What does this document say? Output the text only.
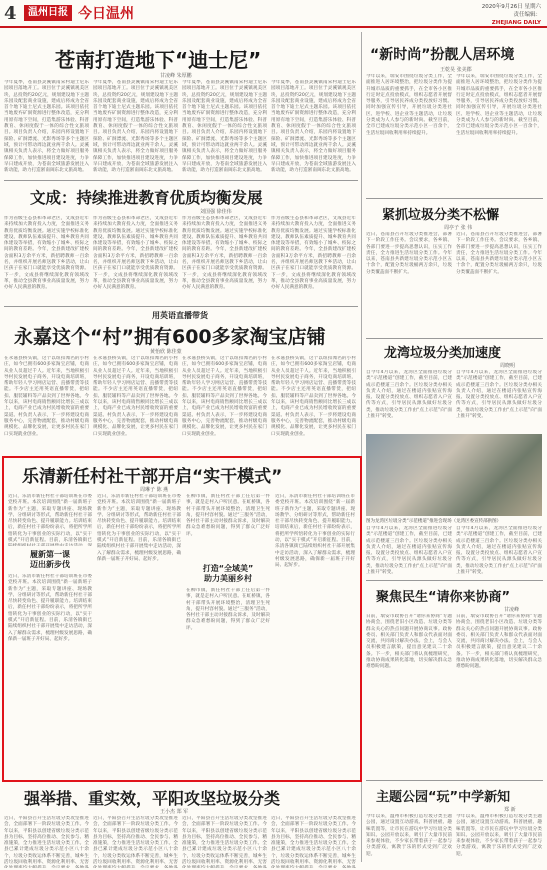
4	温州日报 今日温州	2020年9月26日 星期六
责任编辑：
ZHEJIANG DAILY
苍南打造地下“迪士尼”
甘凌峰 朱厚鹏
今年夏季，苍南县灵溪镇南宋村迪士尼乐园项目落地开工。项目位于灵溪镇观美区块，总投资约20亿元，规划建设地下主题乐园及配套商业设施，建成后将成为全省首个地下迪士尼式主题乐园。该项目依托当地废弃矿洞资源进行整体改造，充分利用原有地下空间，打造集游乐体验、科普教育、休闲度假于一体的综合性文旅项目。项目负责人介绍，乐园内将设置地下探险、矿洞漂流、光影秀场等多个主题区域，预计可带动周边就业两千余人。灵溪镇相关负责人表示，将全力做好项目服务保障工作，加快推进项目建设进度，力争早日建成开放，为苍南全域旅游发展注入新动能，助力打造浙南闽东北文旅高地。
今年夏季，苍南县灵溪镇南宋村迪士尼乐园项目落地开工。项目位于灵溪镇观美区块，总投资约20亿元，规划建设地下主题乐园及配套商业设施，建成后将成为全省首个地下迪士尼式主题乐园。该项目依托当地废弃矿洞资源进行整体改造，充分利用原有地下空间，打造集游乐体验、科普教育、休闲度假于一体的综合性文旅项目。项目负责人介绍，乐园内将设置地下探险、矿洞漂流、光影秀场等多个主题区域，预计可带动周边就业两千余人。灵溪镇相关负责人表示，将全力做好项目服务保障工作，加快推进项目建设进度，力争早日建成开放，为苍南全域旅游发展注入新动能，助力打造浙南闽东北文旅高地。
今年夏季，苍南县灵溪镇南宋村迪士尼乐园项目落地开工。项目位于灵溪镇观美区块，总投资约20亿元，规划建设地下主题乐园及配套商业设施，建成后将成为全省首个地下迪士尼式主题乐园。该项目依托当地废弃矿洞资源进行整体改造，充分利用原有地下空间，打造集游乐体验、科普教育、休闲度假于一体的综合性文旅项目。项目负责人介绍，乐园内将设置地下探险、矿洞漂流、光影秀场等多个主题区域，预计可带动周边就业两千余人。灵溪镇相关负责人表示，将全力做好项目服务保障工作，加快推进项目建设进度，力争早日建成开放，为苍南全域旅游发展注入新动能，助力打造浙南闽东北文旅高地。
今年夏季，苍南县灵溪镇南宋村迪士尼乐园项目落地开工。项目位于灵溪镇观美区块，总投资约20亿元，规划建设地下主题乐园及配套商业设施，建成后将成为全省首个地下迪士尼式主题乐园。该项目依托当地废弃矿洞资源进行整体改造，充分利用原有地下空间，打造集游乐体验、科普教育、休闲度假于一体的综合性文旅项目。项目负责人介绍，乐园内将设置地下探险、矿洞漂流、光影秀场等多个主题区域，预计可带动周边就业两千余人。灵溪镇相关负责人表示，将全力做好项目服务保障工作，加快推进项目建设进度，力争早日建成开放，为苍南全域旅游发展注入新动能，助力打造浙南闽东北文旅高地。
“新时尚”扮靓人居环境
王乾昊 张美郡
今年以来，瑞安市围绕垃圾分类工作，全面推进人居环境整治，把垃圾分类作为提升城市品质的重要抓手，在全市各小区推行定时定点投放模式，组织志愿者开展督导服务，引导居民养成分类投放好习惯。同时加强宣传引导，开展垃圾分类进社区、进学校、进企业等主题活动，让垃圾分类成为人人参与的新时尚。截至目前，全市已建成垃圾分类示范小区一百余个，生活垃圾回收利用率持续提升。
今年以来，瑞安市围绕垃圾分类工作，全面推进人居环境整治，把垃圾分类作为提升城市品质的重要抓手，在全市各小区推行定时定点投放模式，组织志愿者开展督导服务，引导居民养成分类投放好习惯。同时加强宣传引导，开展垃圾分类进社区、进学校、进企业等主题活动，让垃圾分类成为人人参与的新时尚。截至目前，全市已建成垃圾分类示范小区一百余个，生活垃圾回收利用率持续提升。
文成：持续推进教育优质均衡发展
刘国强 徐佳伟
作为省级生态县和革命老区，文成县近年来持续加大教育投入力度，全面推进义务教育优质均衡发展。通过实施学校标准化建设、教师队伍素质提升、城乡教育共同体建设等举措，有效缩小了城乡、校际之间的教育差距。今年，全县新建改扩建校舍面积3万余平方米，新招聘教师一百余名，并组织开展名师送教下乡活动，让山区孩子在家门口就能享受优质教育资源。下一步，文成县将继续深化教育领域改革，推动全县教育事业高质量发展，努力办好人民满意的教育。
作为省级生态县和革命老区，文成县近年来持续加大教育投入力度，全面推进义务教育优质均衡发展。通过实施学校标准化建设、教师队伍素质提升、城乡教育共同体建设等举措，有效缩小了城乡、校际之间的教育差距。今年，全县新建改扩建校舍面积3万余平方米，新招聘教师一百余名，并组织开展名师送教下乡活动，让山区孩子在家门口就能享受优质教育资源。下一步，文成县将继续深化教育领域改革，推动全县教育事业高质量发展，努力办好人民满意的教育。
作为省级生态县和革命老区，文成县近年来持续加大教育投入力度，全面推进义务教育优质均衡发展。通过实施学校标准化建设、教师队伍素质提升、城乡教育共同体建设等举措，有效缩小了城乡、校际之间的教育差距。今年，全县新建改扩建校舍面积3万余平方米，新招聘教师一百余名，并组织开展名师送教下乡活动，让山区孩子在家门口就能享受优质教育资源。下一步，文成县将继续深化教育领域改革，推动全县教育事业高质量发展，努力办好人民满意的教育。
作为省级生态县和革命老区，文成县近年来持续加大教育投入力度，全面推进义务教育优质均衡发展。通过实施学校标准化建设、教师队伍素质提升、城乡教育共同体建设等举措，有效缩小了城乡、校际之间的教育差距。今年，全县新建改扩建校舍面积3万余平方米，新招聘教师一百余名，并组织开展名师送教下乡活动，让山区孩子在家门口就能享受优质教育资源。下一步，文成县将继续深化教育领域改革，推动全县教育事业高质量发展，努力办好人民满意的教育。
紧抓垃圾分类不松懈
周亭子 张 伟
近日，苍南县召开垃圾分类推进会，部署下一阶段工作任务。会议要求，各乡镇、各部门要进一步提高思想认识，压实工作责任，全力推进生活垃圾分类工作。今年以来，苍南县共新建垃圾分类示范小区五十余个，配置分类垃圾桶两万余只，垃圾分类覆盖面不断扩大。
近日，苍南县召开垃圾分类推进会，部署下一阶段工作任务。会议要求，各乡镇、各部门要进一步提高思想认识，压实工作责任，全力推进生活垃圾分类工作。今年以来，苍南县共新建垃圾分类示范小区五十余个，配置分类垃圾桶两万余只，垃圾分类覆盖面不断扩大。
用英语直播带货
永嘉这个“村”拥有600多家淘宝店铺
黄怡欣 陈佳蒙
在永嘉县桥头镇，这个以纽扣闻名的小村庄，如今已拥有600多家淘宝店铺，电商从业人员超过千人。近年来，当地积极引导村民发展电子商务，开设电商培训班，帮助年轻人学习网店运营、直播带货等技能。不少店主还用英语直播带货，把纽扣、服装辅料等产品卖到了世界各地。今年以来，该村电商销售额同比增长三成以上，电商产业已成为村民增收致富的重要渠道。村负责人表示，下一步将建设电商服务中心，完善物流配套，推动村级电商规模化、品牌化发展，让更多村民在家门口实现就业创业。
在永嘉县桥头镇，这个以纽扣闻名的小村庄，如今已拥有600多家淘宝店铺，电商从业人员超过千人。近年来，当地积极引导村民发展电子商务，开设电商培训班，帮助年轻人学习网店运营、直播带货等技能。不少店主还用英语直播带货，把纽扣、服装辅料等产品卖到了世界各地。今年以来，该村电商销售额同比增长三成以上，电商产业已成为村民增收致富的重要渠道。村负责人表示，下一步将建设电商服务中心，完善物流配套，推动村级电商规模化、品牌化发展，让更多村民在家门口实现就业创业。
在永嘉县桥头镇，这个以纽扣闻名的小村庄，如今已拥有600多家淘宝店铺，电商从业人员超过千人。近年来，当地积极引导村民发展电子商务，开设电商培训班，帮助年轻人学习网店运营、直播带货等技能。不少店主还用英语直播带货，把纽扣、服装辅料等产品卖到了世界各地。今年以来，该村电商销售额同比增长三成以上，电商产业已成为村民增收致富的重要渠道。村负责人表示，下一步将建设电商服务中心，完善物流配套，推动村级电商规模化、品牌化发展，让更多村民在家门口实现就业创业。
在永嘉县桥头镇，这个以纽扣闻名的小村庄，如今已拥有600多家淘宝店铺，电商从业人员超过千人。近年来，当地积极引导村民发展电子商务，开设电商培训班，帮助年轻人学习网店运营、直播带货等技能。不少店主还用英语直播带货，把纽扣、服装辅料等产品卖到了世界各地。今年以来，该村电商销售额同比增长三成以上，电商产业已成为村民增收致富的重要渠道。村负责人表示，下一步将建设电商服务中心，完善物流配套，推动村级电商规模化、品牌化发展，让更多村民在家门口实现就业创业。
龙湾垃圾分类加速度
周晓明
自今年4月以来，龙湾区全面推进垃圾分类“示范楼道”创建工作，截至目前，已建成示范楼道三百余个。区垃圾分类办相关负责人介绍，通过在楼道内张贴宣传海报、设置分类投放点、组织志愿者入户宣传等方式，引导居民从源头做好垃圾分类，推动垃圾分类工作由“点上示范”向“面上推开”转变。
自今年4月以来，龙湾区全面推进垃圾分类“示范楼道”创建工作，截至目前，已建成示范楼道三百余个。区垃圾分类办相关负责人介绍，通过在楼道内张贴宣传海报、设置分类投放点、组织志愿者入户宣传等方式，引导居民从源头做好垃圾分类，推动垃圾分类工作由“点上示范”向“面上推开”转变。
图为龙湾区垃圾分类“示范楼道”推进会现场（龙湾区委宣传部供图）
自今年4月以来，龙湾区全面推进垃圾分类“示范楼道”创建工作，截至目前，已建成示范楼道三百余个。区垃圾分类办相关负责人介绍，通过在楼道内张贴宣传海报、设置分类投放点、组织志愿者入户宣传等方式，引导居民从源头做好垃圾分类，推动垃圾分类工作由“点上示范”向“面上推开”转变。
自今年4月以来，龙湾区全面推进垃圾分类“示范楼道”创建工作，截至目前，已建成示范楼道三百余个。区垃圾分类办相关负责人介绍，通过在楼道内张贴宣传海报、设置分类投放点、组织志愿者入户宣传等方式，引导居民从源头做好垃圾分类，推动垃圾分类工作由“点上示范”向“面上推开”转变。
乐清新任村社干部开启“实干模式”
周琳子 陈 燕
近日，乐清市新任村社干部培训班在市委党校开班。本次培训围绕“新一届新班子新作为”主题，采取专题讲座、现场教学、分组研讨等形式，帮助新任村社干部尽快转变角色、提升履职能力。培训结束后，新任村社干部纷纷表示，将把所学所悟转化为干事创业的实际行动，以“实干模式”开启新征程。目前，乐清各镇街已
履新第一课
迈出新步伐
近日，乐清市新任村社干部培训班在市委党校开班。本次培训围绕“新一届新班子新作为”主题，采取专题讲座、现场教学、分组研讨等形式，帮助新任村社干部尽快转变角色、提升履职能力。培训结束后，新任村社干部纷纷表示，将把所学所悟转化为干事创业的实际行动，以“实干模式”开启新征程。目前，乐清各镇街已陆续组织村社干部开展集中走访活动，深入了解群众需求，梳理村级发展思路，确保新一届班子开好局、起好步。
近日，乐清市新任村社干部培训班在市委党校开班。本次培训围绕“新一届新班子新作为”主题，采取专题讲座、现场教学、分组研讨等形式，帮助新任村社干部尽快转变角色、提升履职能力。培训结束后，新任村社干部纷纷表示，将把所学所悟转化为干事创业的实际行动，以“实干模式”开启新征程。目前，乐清各镇街已陆续组织村社干部开展集中走访活动，深入了解群众需求，梳理村级发展思路，确保新一届班子开好局、起好步。
在柳市镇，新任村社干部上任后第一件事，就是走村入户听民意。在虹桥镇，各村干部带头开展环境整治，清理卫生死角，提升村容村貌。通过“三服务”活动，各村社干部主动对接群众诉求，及时解决群众急难愁盼问题，得到了群众广泛好评。
打造“全域美”
助力美丽乡村
在柳市镇，新任村社干部上任后第一件事，就是走村入户听民意。在虹桥镇，各村干部带头开展环境整治，清理卫生死角，提升村容村貌。通过“三服务”活动，各村社干部主动对接群众诉求，及时解决群众急难愁盼问题，得到了群众广泛好评。
近日，乐清市新任村社干部培训班在市委党校开班。本次培训围绕“新一届新班子新作为”主题，采取专题讲座、现场教学、分组研讨等形式，帮助新任村社干部尽快转变角色、提升履职能力。培训结束后，新任村社干部纷纷表示，将把所学所悟转化为干事创业的实际行动，以“实干模式”开启新征程。目前，乐清各镇街已陆续组织村社干部开展集中走访活动，深入了解群众需求，梳理村级发展思路，确保新一届班子开好局、起好步。
聚焦民生“请你来协商”
甘凌峰
日前，瑞安市政协召开“请你来协商”专题协商会，围绕老旧小区改造、垃圾分类等群众关心的热点问题开展协商议事。政协委员、相关部门负责人和群众代表面对面交流，共同商讨解决办法。会上，与会人员积极建言献策，提出意见建议二十余条。下一步，相关部门将认真梳理研究，推动协商成果转化落地，切实解决群众急难愁盼问题。
日前，瑞安市政协召开“请你来协商”专题协商会，围绕老旧小区改造、垃圾分类等群众关心的热点问题开展协商议事。政协委员、相关部门负责人和群众代表面对面交流，共同商讨解决办法。会上，与会人员积极建言献策，提出意见建议二十余条。下一步，相关部门将认真梳理研究，推动协商成果转化落地，切实解决群众急难愁盼问题。
强举措、重实效，平阳攻坚垃圾分类
王小杰 郑 军
近日，平阳县召开生活垃圾分类攻坚推进会，全面部署下一阶段垃圾分类工作。今年以来，平阳县以创建省级垃圾分类示范县为目标，坚持高位推动、全民参与、精准施策，全力推进生活垃圾分类工作。全县已累计建成垃圾分类示范小区八十余个，垃圾分类收运体系不断完善，城乡生活垃圾回收利用率、资源化利用率、无害
近日，平阳县召开生活垃圾分类攻坚推进会，全面部署下一阶段垃圾分类工作。今年以来，平阳县以创建省级垃圾分类示范县为目标，坚持高位推动、全民参与、精准施策，全力推进生活垃圾分类工作。全县已累计建成垃圾分类示范小区八十余个，垃圾分类收运体系不断完善，城乡生活垃圾回收利用率、资源化利用率、无害
近日，平阳县召开生活垃圾分类攻坚推进会，全面部署下一阶段垃圾分类工作。今年以来，平阳县以创建省级垃圾分类示范县为目标，坚持高位推动、全民参与、精准施策，全力推进生活垃圾分类工作。全县已累计建成垃圾分类示范小区八十余个，垃圾分类收运体系不断完善，城乡生活垃圾回收利用率、资源化利用率、无害
近日，平阳县召开生活垃圾分类攻坚推进会，全面部署下一阶段垃圾分类工作。今年以来，平阳县以创建省级垃圾分类示范县为目标，坚持高位推动、全民参与、精准施策，全力推进生活垃圾分类工作。全县已累计建成垃圾分类示范小区八十余个，垃圾分类收运体系不断完善，城乡生活垃圾回收利用率、资源化利用率、无害
主题公园“玩”中学新知
郑 新
今年以来，温州市积极打造垃圾分类主题公园，通过设置互动游戏、科普展板、趣味装置等，让市民在游玩中学习垃圾分类知识。公园开放以来，吸引了大量市民前来参观体验，不少家长带着孩子一起参与分类游戏，寓教于乐的形式受到广泛欢迎。
今年以来，温州市积极打造垃圾分类主题公园，通过设置互动游戏、科普展板、趣味装置等，让市民在游玩中学习垃圾分类知识。公园开放以来，吸引了大量市民前来参观体验，不少家长带着孩子一起参与分类游戏，寓教于乐的形式受到广泛欢迎。
